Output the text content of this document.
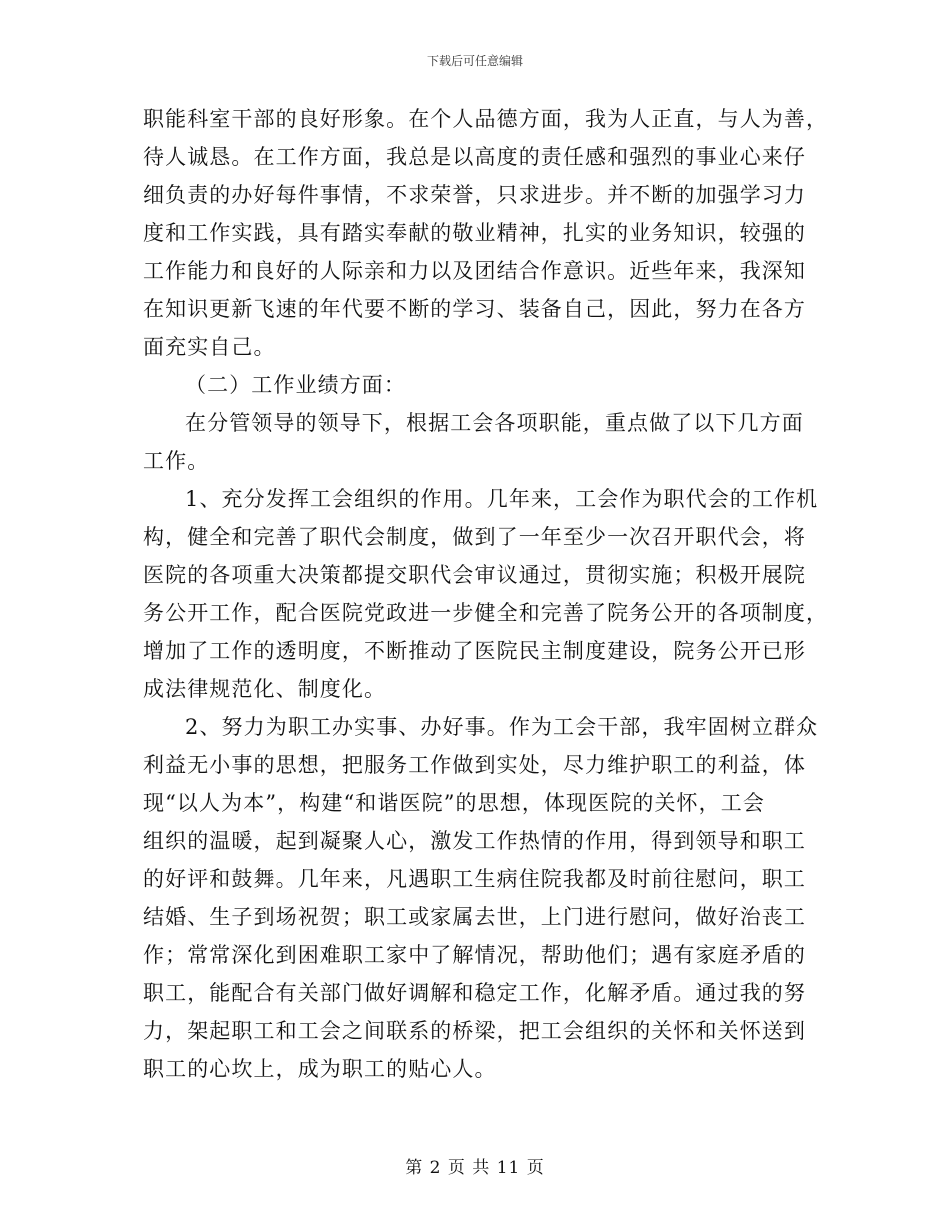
下载后可任意编辑
职能科室干部的良好形象。在个人品德方面，我为人正直，与人为善，
待人诚恳。在工作方面，我总是以高度的责任感和强烈的事业心来仔
细负责的办好每件事情，不求荣誉，只求进步。并不断的加强学习力
度和工作实践，具有踏实奉献的敬业精神，扎实的业务知识，较强的
工作能力和良好的人际亲和力以及团结合作意识。近些年来，我深知
在知识更新飞速的年代要不断的学习、装备自己，因此，努力在各方
面充实自己。
（二）工作业绩方面：
在分管领导的领导下，根据工会各项职能，重点做了以下几方面
工作。
1、充分发挥工会组织的作用。几年来，工会作为职代会的工作机
构，健全和完善了职代会制度，做到了一年至少一次召开职代会，将
医院的各项重大决策都提交职代会审议通过，贯彻实施；积极开展院
务公开工作，配合医院党政进一步健全和完善了院务公开的各项制度，
增加了工作的透明度，不断推动了医院民主制度建设，院务公开已形
成法律规范化、制度化。
2、努力为职工办实事、办好事。作为工会干部，我牢固树立群众
利益无小事的思想，把服务工作做到实处，尽力维护职工的利益，体
现“以人为本”，构建“和谐医院”的思想，体现医院的关怀，工会
组织的温暖，起到凝聚人心，激发工作热情的作用，得到领导和职工
的好评和鼓舞。几年来，凡遇职工生病住院我都及时前往慰问，职工
结婚、生子到场祝贺；职工或家属去世，上门进行慰问，做好治丧工
作；常常深化到困难职工家中了解情况，帮助他们；遇有家庭矛盾的
职工，能配合有关部门做好调解和稳定工作，化解矛盾。通过我的努
力，架起职工和工会之间联系的桥梁，把工会组织的关怀和关怀送到
职工的心坎上，成为职工的贴心人。
第 2 页 共 11 页
